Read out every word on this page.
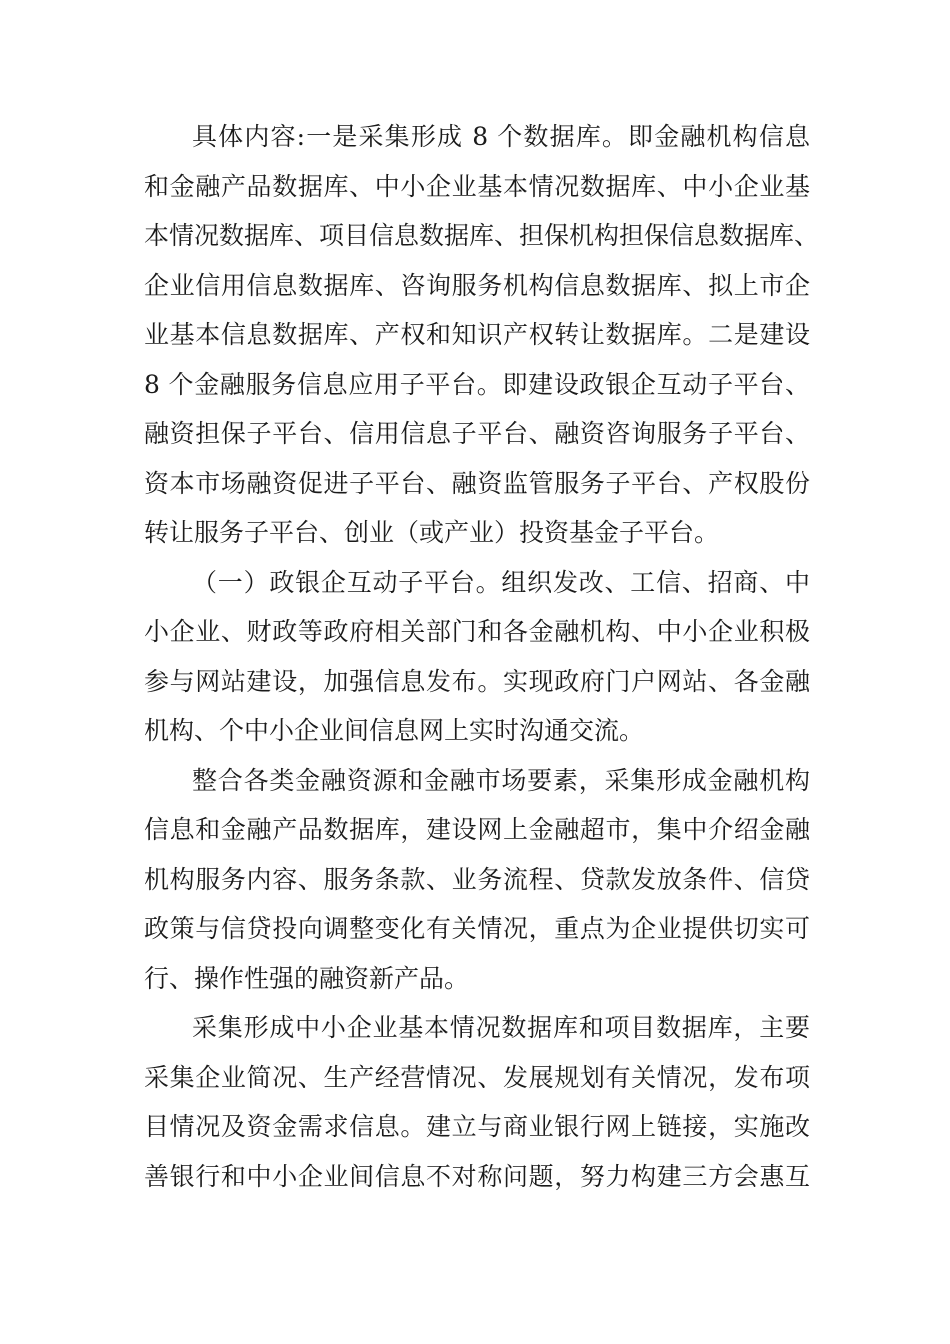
具体内容:一是采集形成 8 个数据库。即金融机构信息
和金融产品数据库、中小企业基本情况数据库、中小企业基
本情况数据库、项目信息数据库、担保机构担保信息数据库、
企业信用信息数据库、咨询服务机构信息数据库、拟上市企
业基本信息数据库、产权和知识产权转让数据库。二是建设
8 个金融服务信息应用子平台。即建设政银企互动子平台、
融资担保子平台、信用信息子平台、融资咨询服务子平台、
资本市场融资促进子平台、融资监管服务子平台、产权股份
转让服务子平台、创业（或产业）投资基金子平台。
（一）政银企互动子平台。组织发改、工信、招商、中
小企业、财政等政府相关部门和各金融机构、中小企业积极
参与网站建设，加强信息发布。实现政府门户网站、各金融
机构、个中小企业间信息网上实时沟通交流。
整合各类金融资源和金融市场要素，采集形成金融机构
信息和金融产品数据库，建设网上金融超市，集中介绍金融
机构服务内容、服务条款、业务流程、贷款发放条件、信贷
政策与信贷投向调整变化有关情况，重点为企业提供切实可
行、操作性强的融资新产品。
采集形成中小企业基本情况数据库和项目数据库，主要
采集企业简况、生产经营情况、发展规划有关情况，发布项
目情况及资金需求信息。建立与商业银行网上链接，实施改
善银行和中小企业间信息不对称问题，努力构建三方会惠互
